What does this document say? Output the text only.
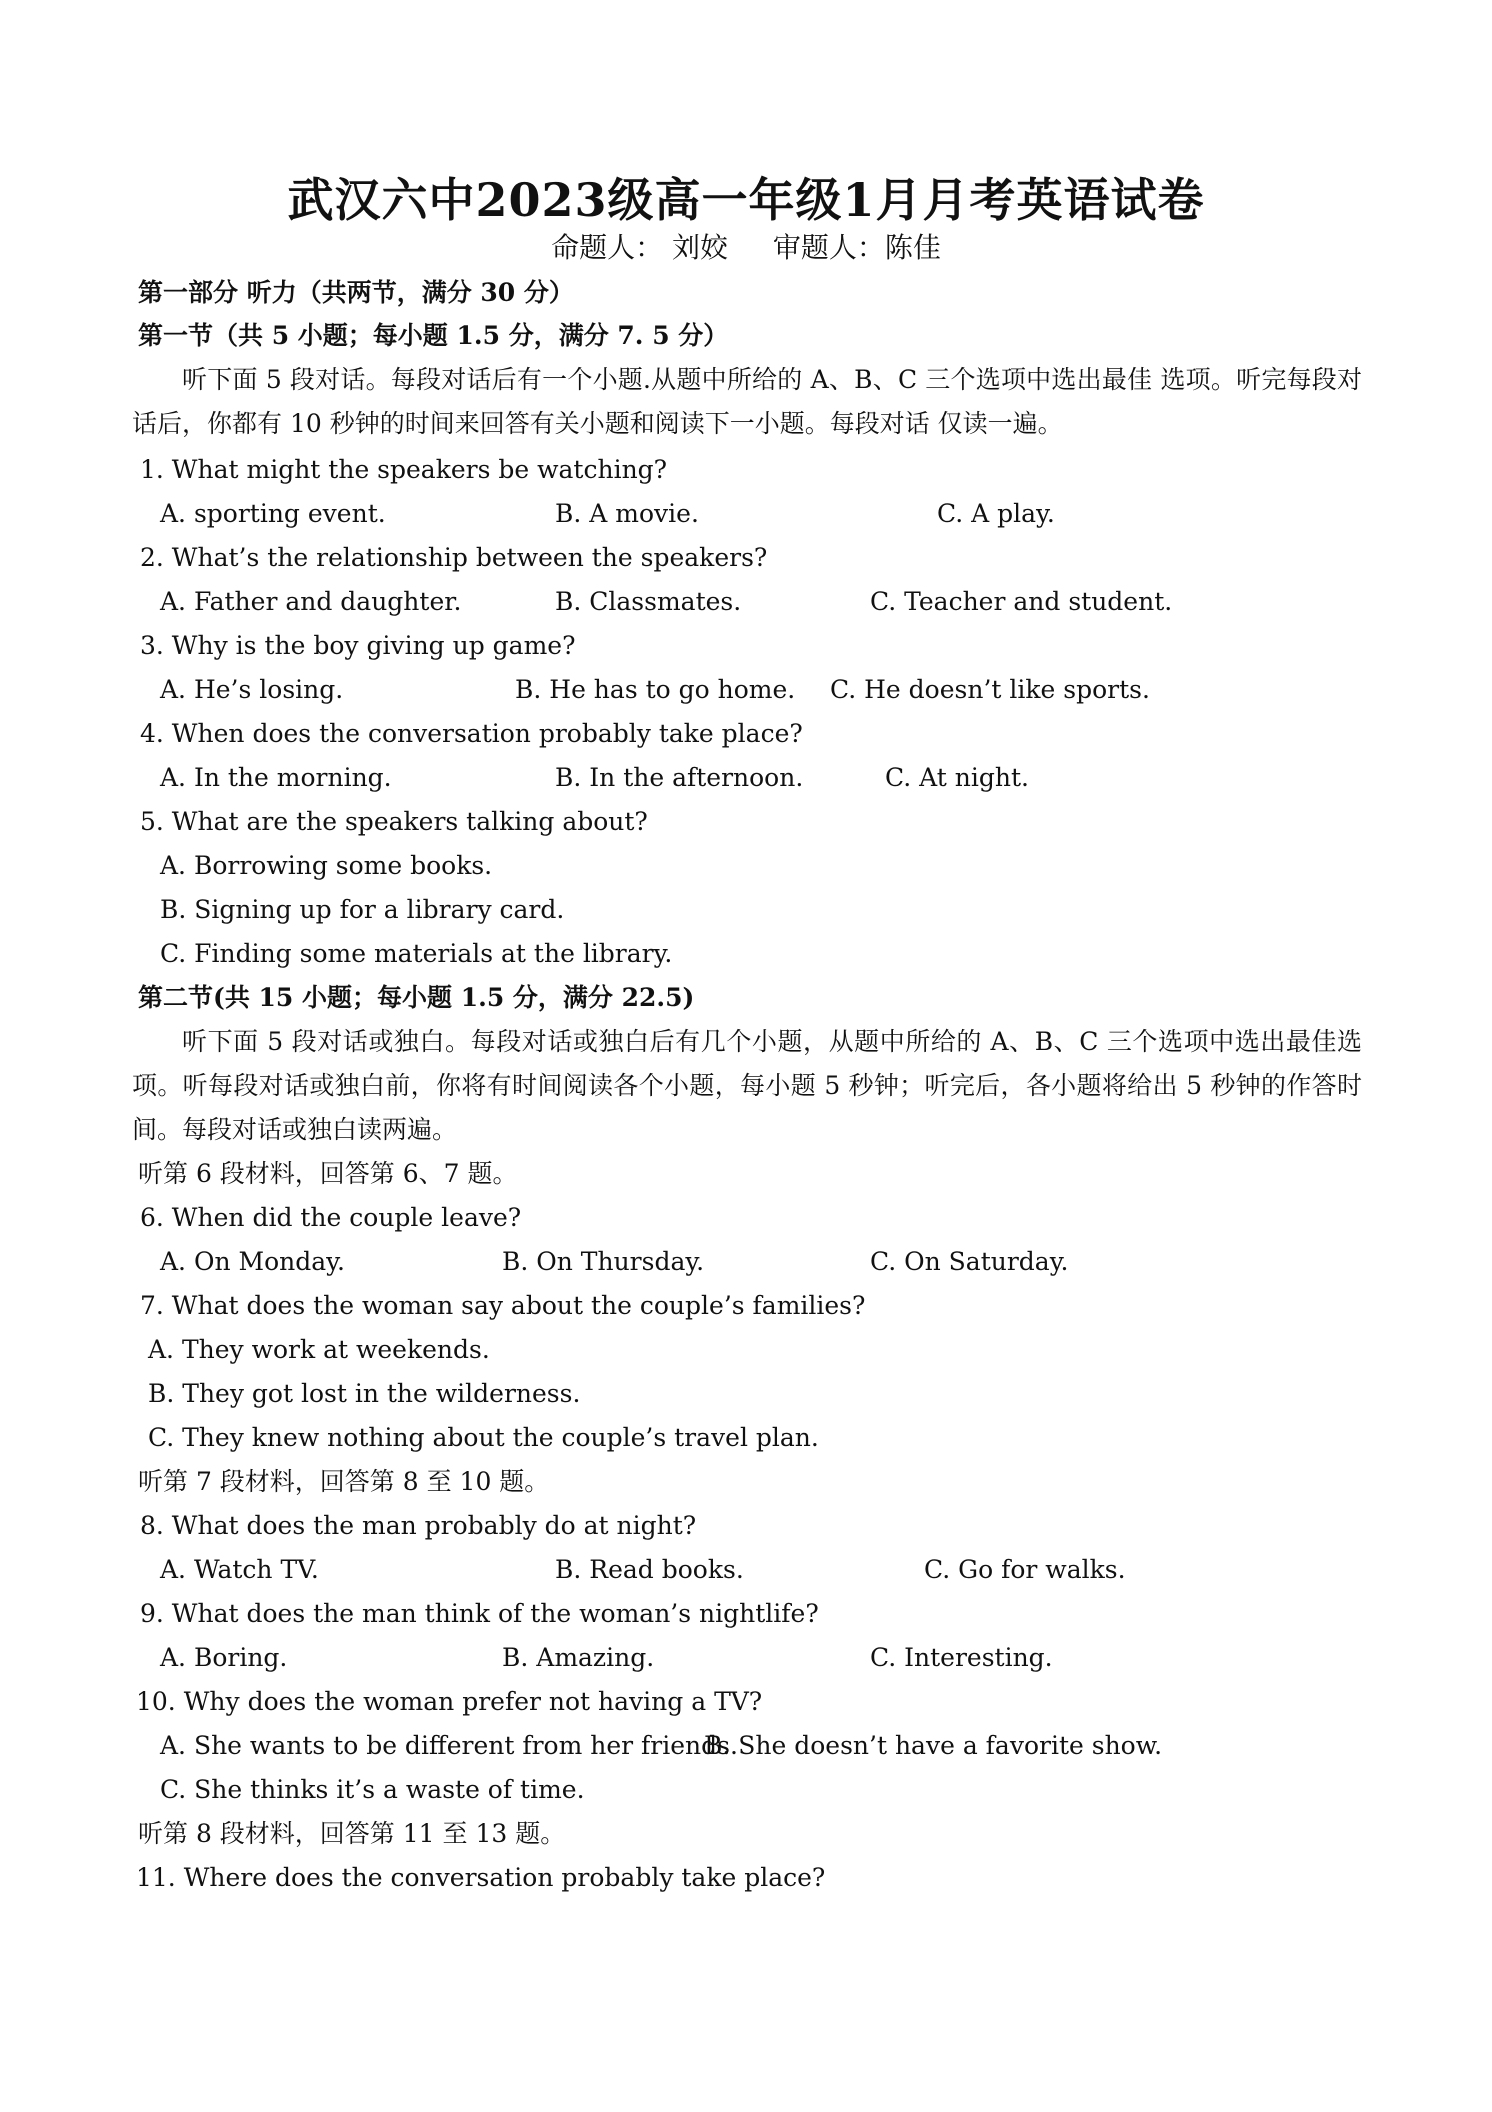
武汉六中2023级高一年级1月月考英语试卷
命题人： 刘姣 审题人：陈佳
第一部分 听力（共两节，满分 30 分）
第一节（共 5 小题；每小题 1.5 分，满分 7. 5 分）
听下面 5 段对话。每段对话后有一个小题.从题中所给的 A、B、C 三个选项中选出最佳 选项。听完每段对话后，你都有 10 秒钟的时间来回答有关小题和阅读下一小题。每段对话 仅读一遍。
1. What might the speakers be watching?
A. sporting event.	B. A movie.	C. A play.
2. What’s the relationship between the speakers?
A. Father and daughter.	B. Classmates.	C. Teacher and student.
3. Why is the boy giving up game?
A. He’s losing.	B. He has to go home. C. He doesn’t like sports.
4. When does the conversation probably take place?
A. In the morning.	B. In the afternoon.	C. At night.
5. What are the speakers talking about?
A. Borrowing some books.
B. Signing up for a library card.
C. Finding some materials at the library.
第二节(共 15 小题；每小题 1.5 分，满分 22.5)
听下面 5 段对话或独白。每段对话或独白后有几个小题，从题中所给的 A、B、C 三个选项中选出最佳选项。听每段对话或独白前，你将有时间阅读各个小题，每小题 5 秒钟；听完后，各小题将给出 5 秒钟的作答时间。每段对话或独白读两遍。
听第 6 段材料，回答第 6、7 题。
6. When did the couple leave?
A. On Monday.	B. On Thursday.	C. On Saturday.
7. What does the woman say about the couple’s families?
A. They work at weekends.
B. They got lost in the wilderness.
C. They knew nothing about the couple’s travel plan.
听第 7 段材料，回答第 8 至 10 题。
8. What does the man probably do at night?
A. Watch TV.	B. Read books.	C. Go for walks.
9. What does the man think of the woman’s nightlife?
A. Boring.	B. Amazing.	C. Interesting.
10. Why does the woman prefer not having a TV?
A. She wants to be different from her friends.
B. She doesn’t have a favorite show.
C. She thinks it’s a waste of time.
听第 8 段材料，回答第 11 至 13 题。
11. Where does the conversation probably take place?
